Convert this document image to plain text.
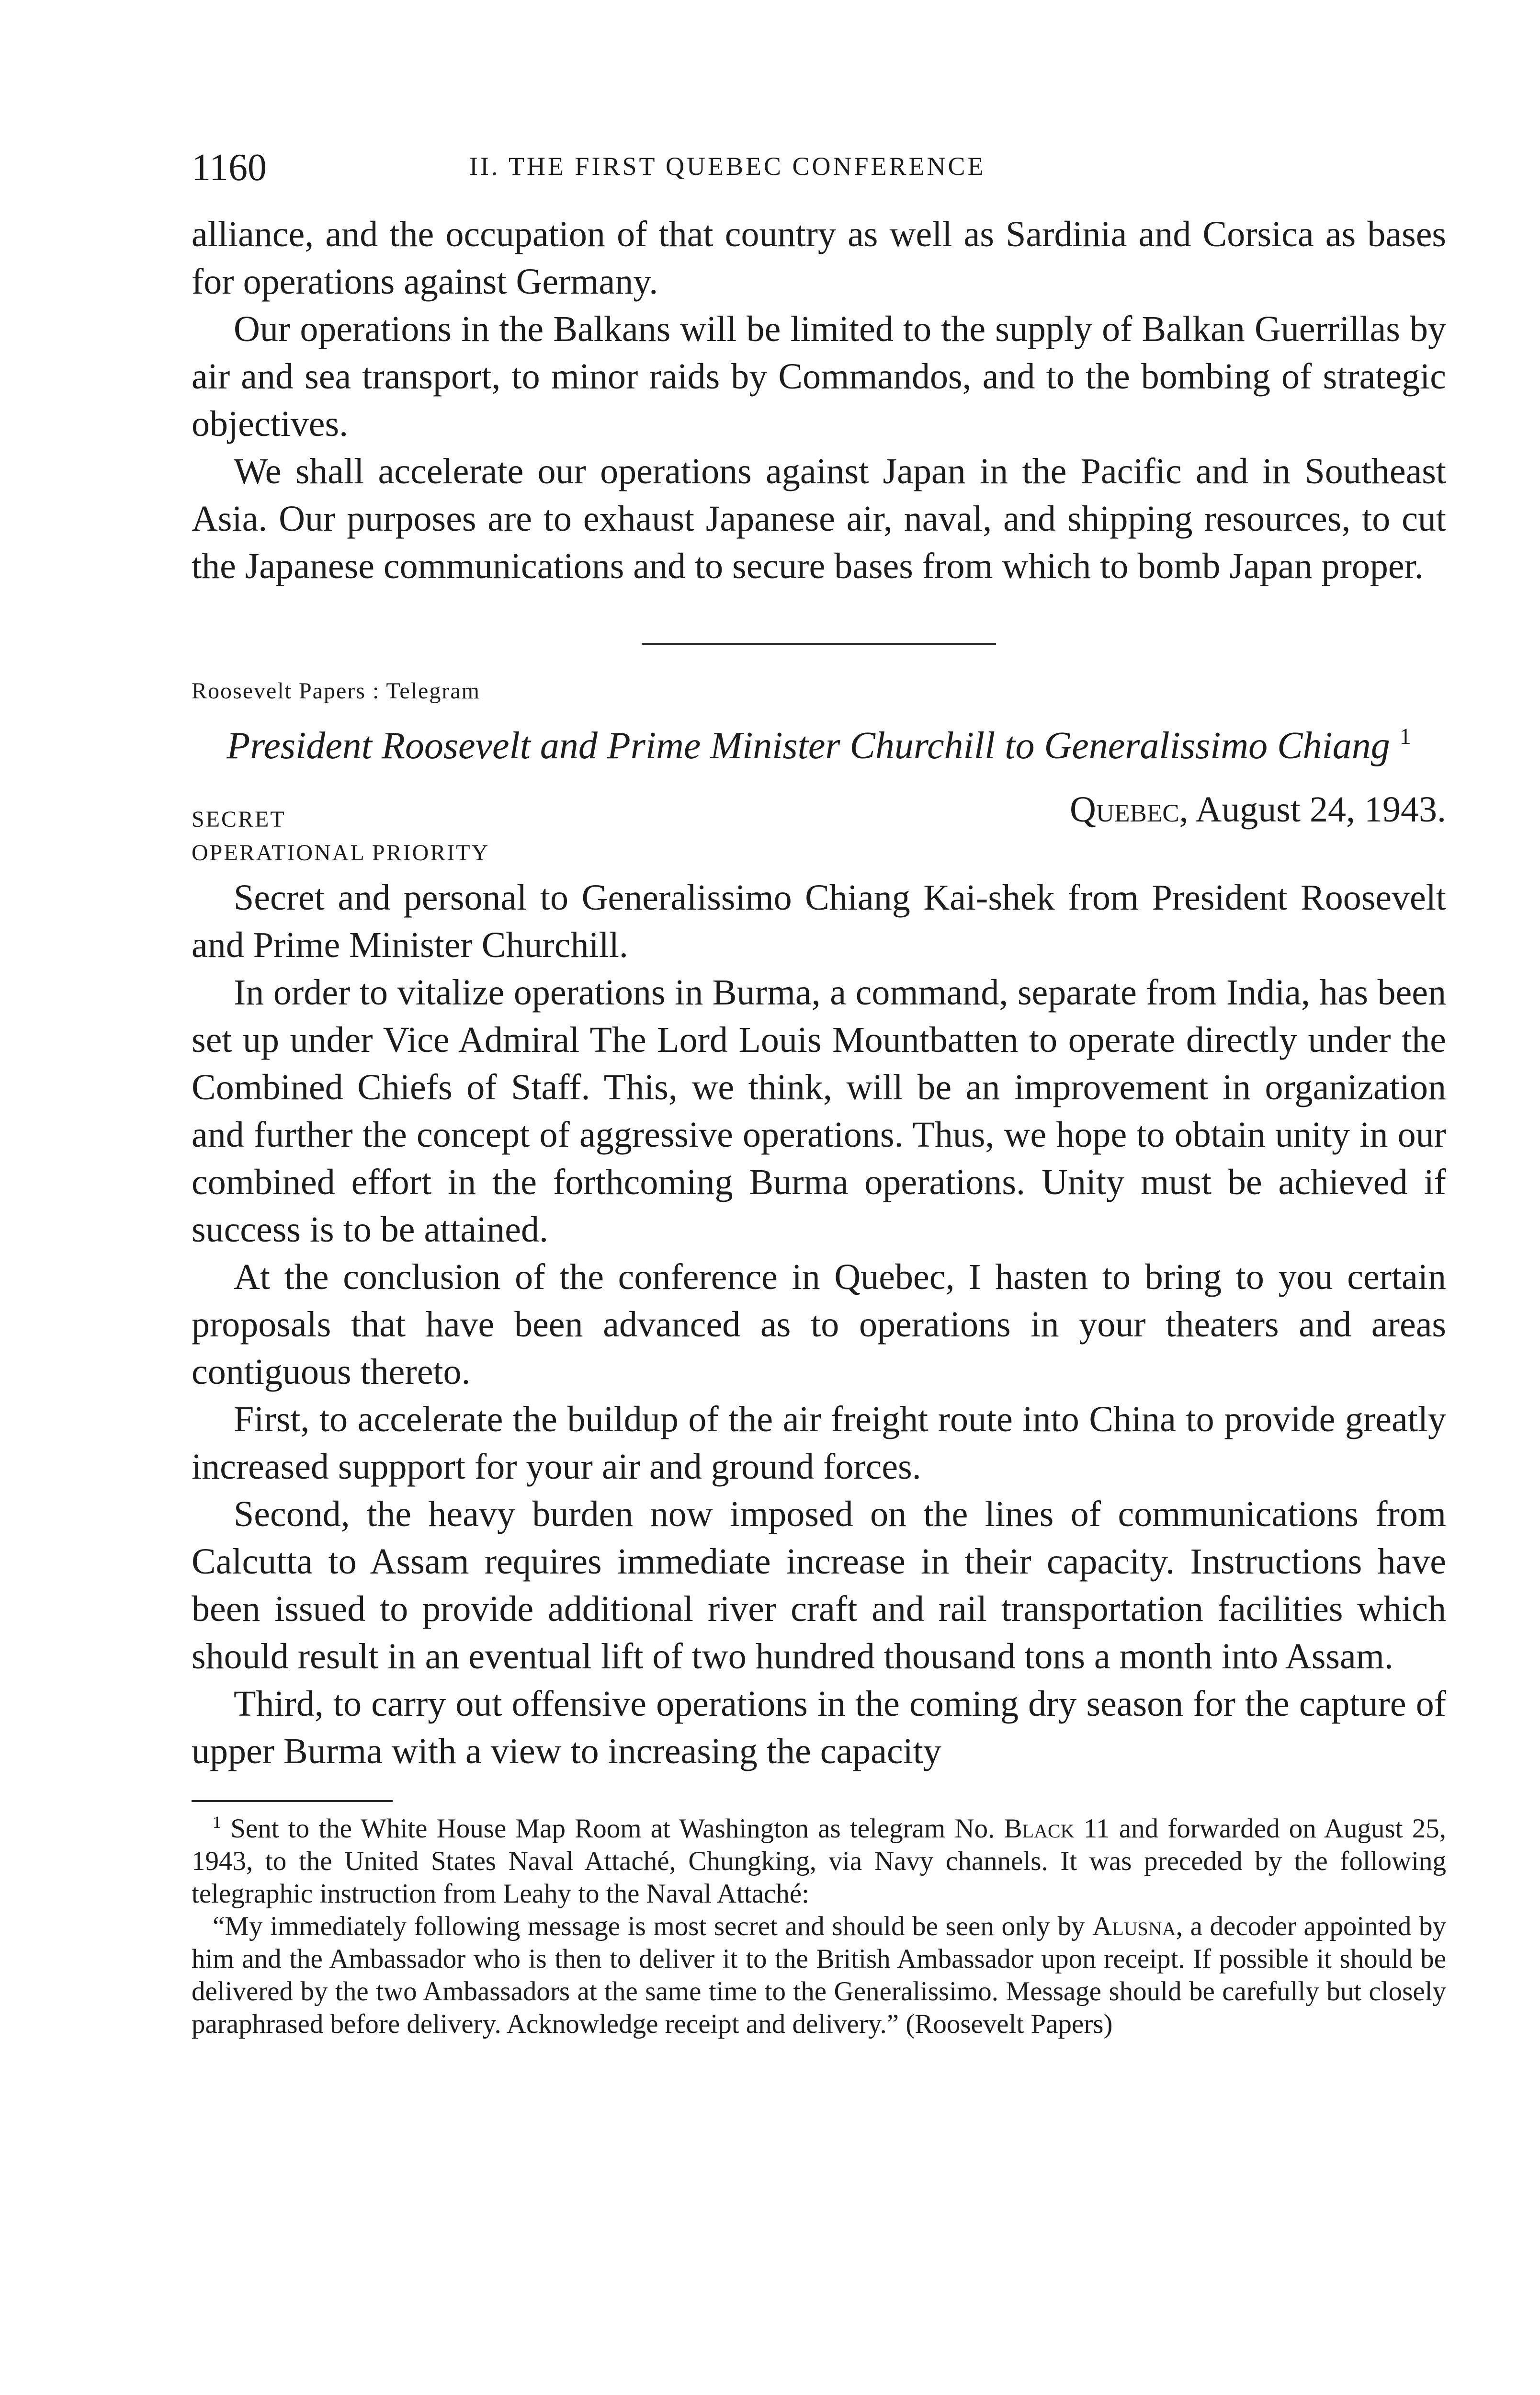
1160	II. THE FIRST QUEBEC CONFERENCE

alliance, and the occupation of that country as well as Sardinia and Corsica as bases for operations against Germany.

Our operations in the Balkans will be limited to the supply of Balkan Guerrillas by air and sea transport, to minor raids by Commandos, and to the bombing of strategic objectives.

We shall accelerate our operations against Japan in the Pacific and in Southeast Asia. Our purposes are to exhaust Japanese air, naval, and shipping resources, to cut the Japanese communications and to secure bases from which to bomb Japan proper.

Roosevelt Papers : Telegram
President Roosevelt and Prime Minister Churchill to Generalissimo Chiang $^1$
SECRET	Quebec, August 24, 1943.
OPERATIONAL PRIORITY

Secret and personal to Generalissimo Chiang Kai-shek from President Roosevelt and Prime Minister Churchill.

In order to vitalize operations in Burma, a command, separate from India, has been set up under Vice Admiral The Lord Louis Mountbatten to operate directly under the Combined Chiefs of Staff. This, we think, will be an improvement in organization and further the concept of aggressive operations. Thus, we hope to obtain unity in our combined effort in the forthcoming Burma operations. Unity must be achieved if success is to be attained.

At the conclusion of the conference in Quebec, I hasten to bring to you certain proposals that have been advanced as to operations in your theaters and areas contiguous thereto.

First, to accelerate the buildup of the air freight route into China to provide greatly increased suppport for your air and ground forces.

Second, the heavy burden now imposed on the lines of communications from Calcutta to Assam requires immediate increase in their capacity. Instructions have been issued to provide additional river craft and rail transportation facilities which should result in an eventual lift of two hundred thousand tons a month into Assam.

Third, to carry out offensive operations in the coming dry season for the capture of upper Burma with a view to increasing the capacity

$^1$ Sent to the White House Map Room at Washington as telegram No. Black 11 and forwarded on August 25, 1943, to the United States Naval Attaché, Chungking, via Navy channels. It was preceded by the following telegraphic instruction from Leahy to the Naval Attaché:

“My immediately following message is most secret and should be seen only by Alusna, a decoder appointed by him and the Ambassador who is then to deliver it to the British Ambassador upon receipt. If possible it should be delivered by the two Ambassadors at the same time to the Generalissimo. Message should be carefully but closely paraphrased before delivery. Acknowledge receipt and delivery.” (Roosevelt Papers)
